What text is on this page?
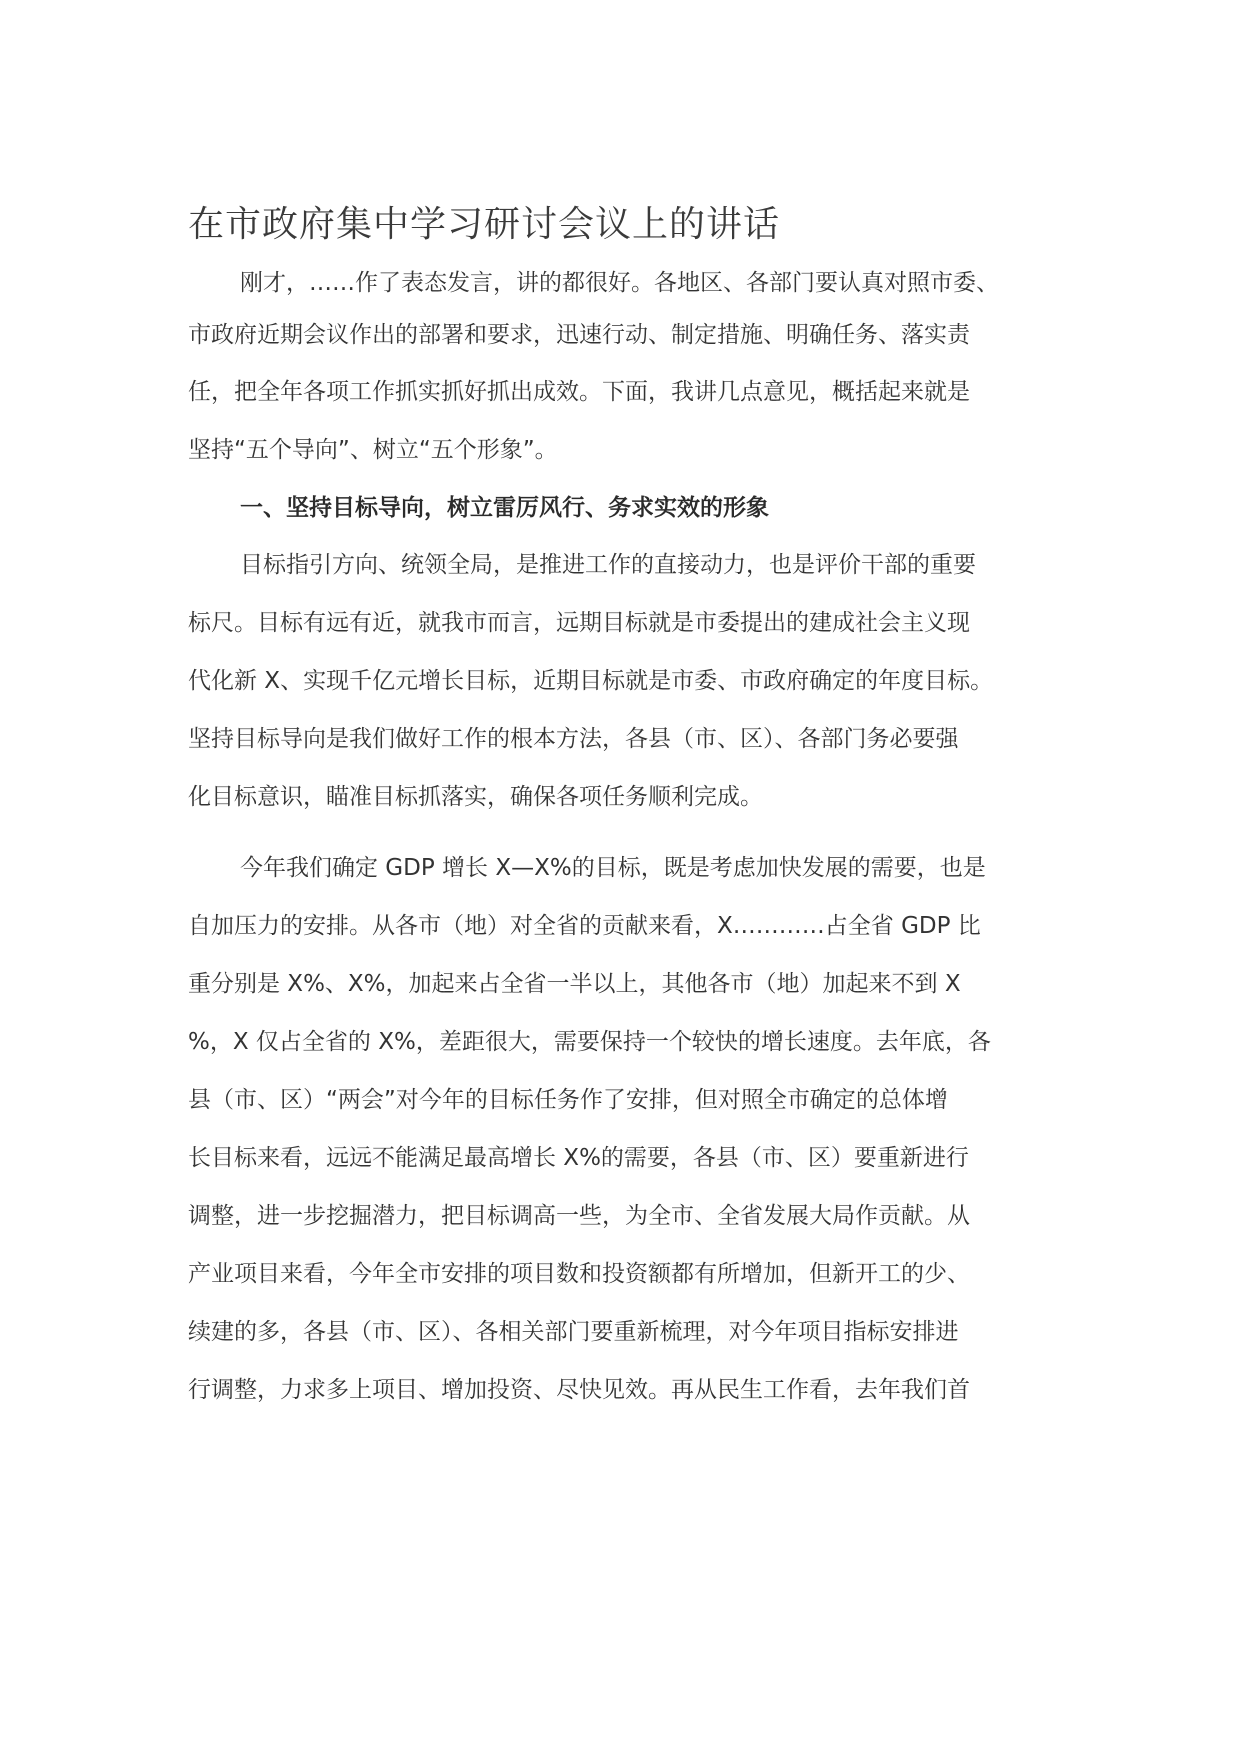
在市政府集中学习研讨会议上的讲话

刚才，……作了表态发言，讲的都很好。各地区、各部门要认真对照市委、

市政府近期会议作出的部署和要求，迅速行动、制定措施、明确任务、落实责

任，把全年各项工作抓实抓好抓出成效。下面，我讲几点意见，概括起来就是

坚持“五个导向”、树立“五个形象”。

一、坚持目标导向，树立雷厉风行、务求实效的形象

目标指引方向、统领全局，是推进工作的直接动力，也是评价干部的重要

标尺。目标有远有近，就我市而言，远期目标就是市委提出的建成社会主义现

代化新 X、实现千亿元增长目标，近期目标就是市委、市政府确定的年度目标。

坚持目标导向是我们做好工作的根本方法，各县（市、区）、各部门务必要强

化目标意识，瞄准目标抓落实，确保各项任务顺利完成。

今年我们确定 GDP 增长 X—X%的目标，既是考虑加快发展的需要，也是

自加压力的安排。从各市（地）对全省的贡献来看，X…………占全省 GDP 比

重分别是 X%、X%，加起来占全省一半以上，其他各市（地）加起来不到 X

%，X 仅占全省的 X%，差距很大，需要保持一个较快的增长速度。去年底，各

县（市、区）“两会”对今年的目标任务作了安排，但对照全市确定的总体增

长目标来看，远远不能满足最高增长 X%的需要，各县（市、区）要重新进行

调整，进一步挖掘潜力，把目标调高一些，为全市、全省发展大局作贡献。从

产业项目来看，今年全市安排的项目数和投资额都有所增加，但新开工的少、

续建的多，各县（市、区）、各相关部门要重新梳理，对今年项目指标安排进

行调整，力求多上项目、增加投资、尽快见效。再从民生工作看，去年我们首
